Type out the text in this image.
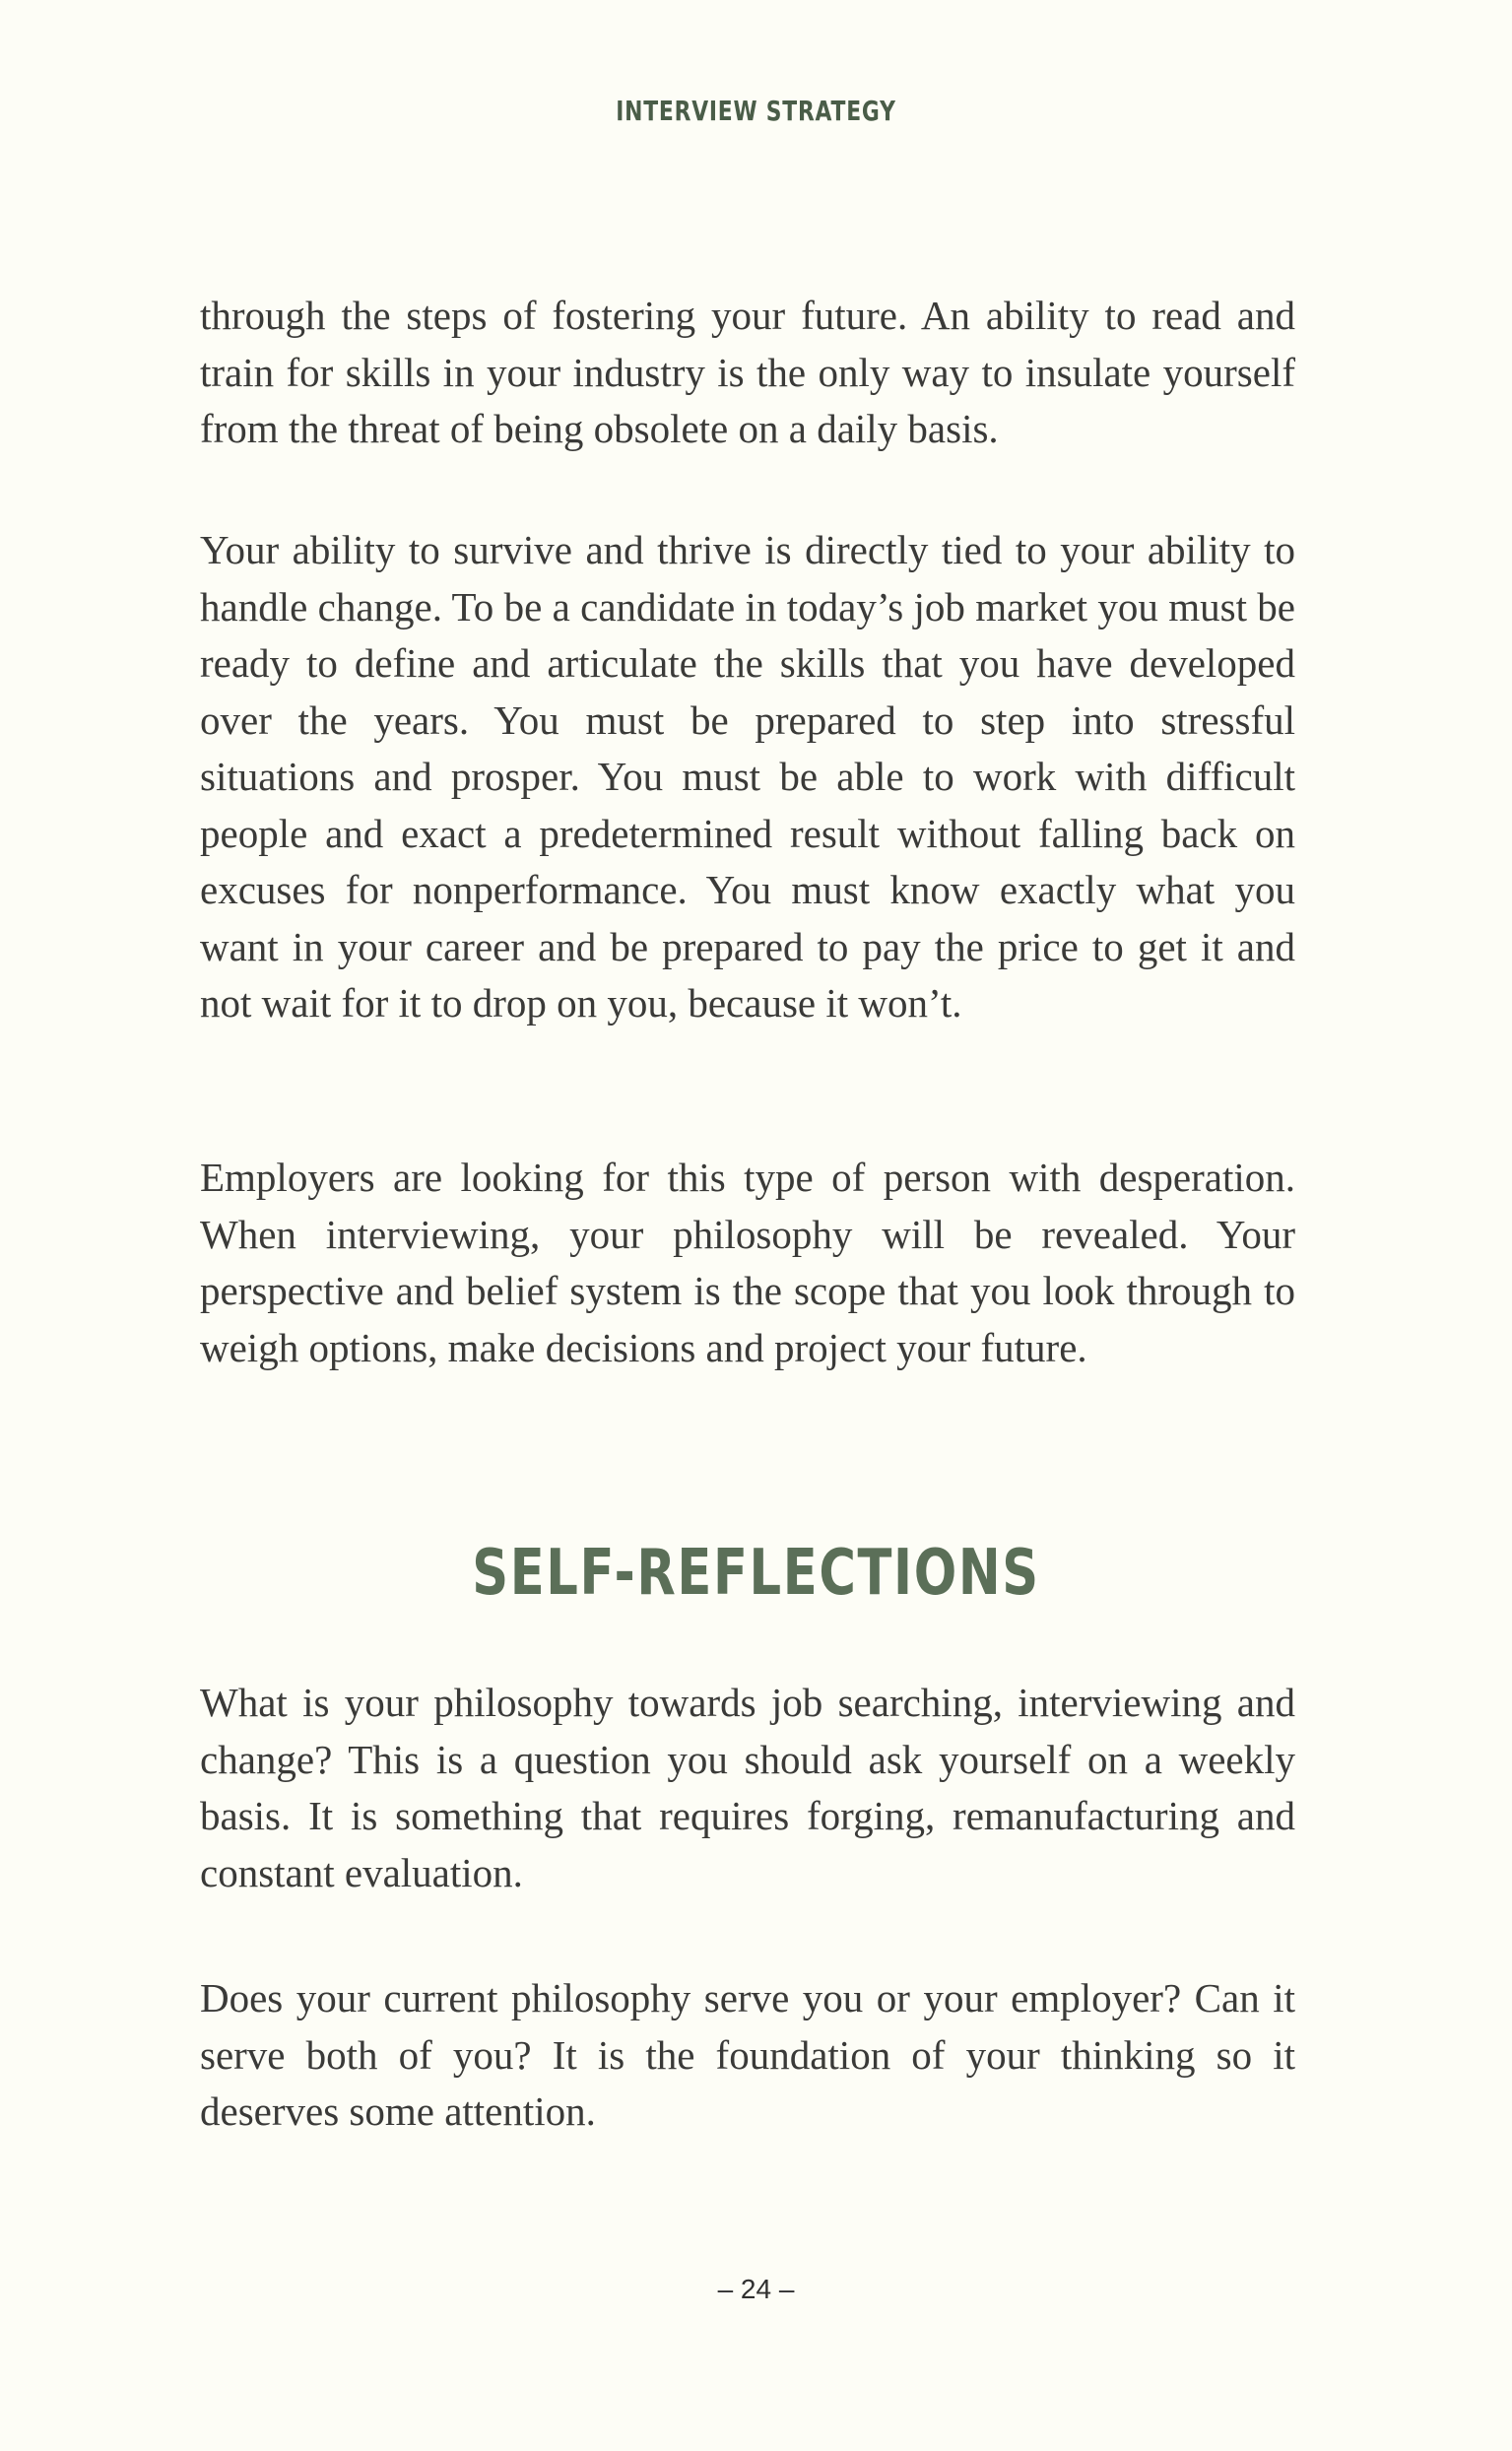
INTERVIEW STRATEGY

through the steps of fostering your future. An ability to read and train for skills in your industry is the only way to insulate yourself from the threat of being obsolete on a daily basis.

Your ability to survive and thrive is directly tied to your ability to handle change. To be a candidate in today’s job market you must be ready to define and articulate the skills that you have developed over the years. You must be prepared to step into stressful situations and prosper. You must be able to work with difficult people and exact a predetermined result without falling back on excuses for nonperformance. You must know exactly what you want in your career and be prepared to pay the price to get it and not wait for it to drop on you, because it won’t.

Employers are looking for this type of person with desperation. When interviewing, your philosophy will be revealed. Your perspective and belief system is the scope that you look through to weigh options, make decisions and project your future.

SELF-REFLECTIONS

What is your philosophy towards job searching, interviewing and change? This is a question you should ask yourself on a weekly basis. It is something that requires forging, remanufacturing and constant evaluation.

Does your current philosophy serve you or your employer? Can it serve both of you? It is the foundation of your thinking so it deserves some attention.

– 24 –
